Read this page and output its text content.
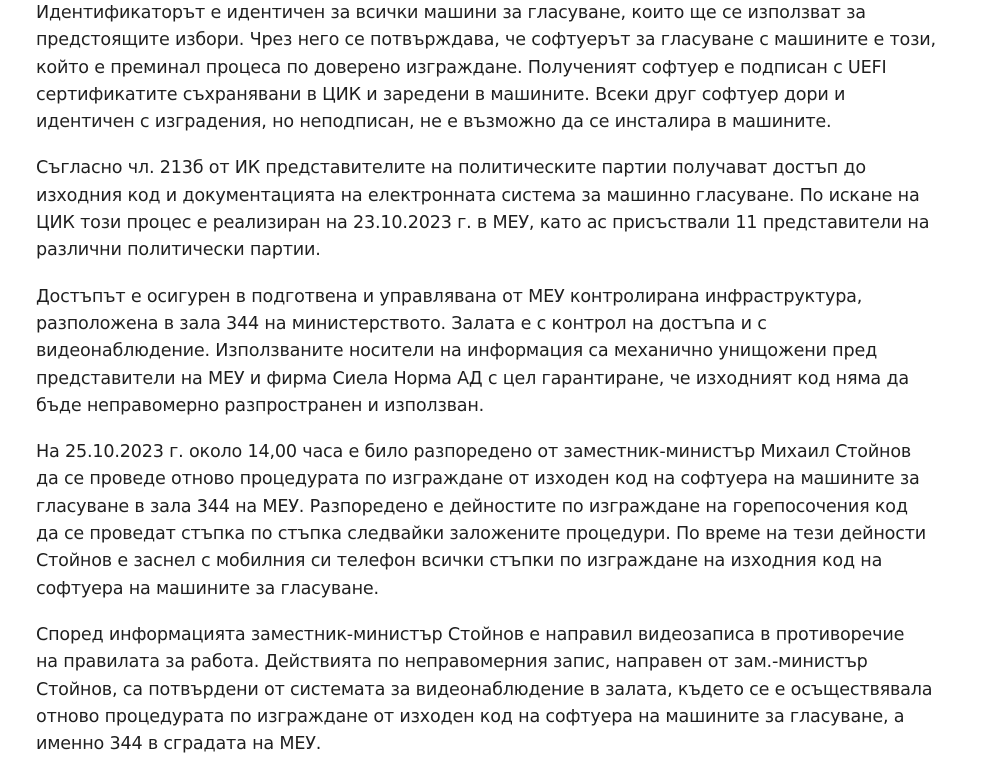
Идентификаторът е идентичен за всички машини за гласуване, които ще се използват за
предстоящите избори. Чрез него се потвърждава, че софтуерът за гласуване с машините е този,
който е преминал процеса по доверено изграждане. Полученият софтуер е подписан с UEFI
сертификатите съхранявани в ЦИК и заредени в машините. Всеки друг софтуер дори и
идентичен с изградения, но неподписан, не е възможно да се инсталира в машините.

Съгласно чл. 213б от ИК представителите на политическите партии получават достъп до
изходния код и документацията на електронната система за машинно гласуване. По искане на
ЦИК този процес е реализиран на 23.10.2023 г. в МЕУ, като ас присъствали 11 представители на
различни политически партии.

Достъпът е осигурен в подготвена и управлявана от МЕУ контролирана инфраструктура,
разположена в зала 344 на министерството. Залата е с контрол на достъпа и с
видеонаблюдение. Използваните носители на информация са механично унищожени пред
представители на МЕУ и фирма Сиела Норма АД с цел гарантиране, че изходният код няма да
бъде неправомерно разпространен и използван.

На 25.10.2023 г. около 14,00 часа е било разпоредено от заместник-министър Михаил Стойнов
да се проведе отново процедурата по изграждане от изходен код на софтуера на машините за
гласуване в зала 344 на МЕУ. Разпоредено е дейностите по изграждане на горепосочения код
да се проведат стъпка по стъпка следвайки заложените процедури. По време на тези дейности
Стойнов е заснел с мобилния си телефон всички стъпки по изграждане на изходния код на
софтуера на машините за гласуване.

Според информацията заместник-министър Стойнов е направил видеозаписа в противоречие
на правилата за работа. Действията по неправомерния запис, направен от зам.-министър
Стойнов, са потвърдени от системата за видеонаблюдение в залата, където се е осъществявала
отново процедурата по изграждане от изходен код на софтуера на машините за гласуване, а
именно 344 в сградата на МЕУ.
